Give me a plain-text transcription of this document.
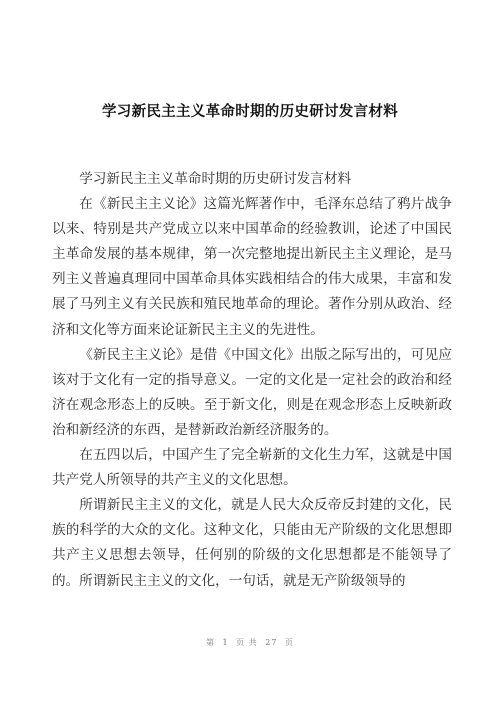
学习新民主主义革命时期的历史研讨发言材料

学习新民主主义革命时期的历史研讨发言材料

在《新民主主义论》这篇光辉著作中，毛泽东总结了鸦片战争以来、特别是共产党成立以来中国革命的经验教训，论述了中国民主革命发展的基本规律，第一次完整地提出新民主主义理论，是马列主义普遍真理同中国革命具体实践相结合的伟大成果，丰富和发展了马列主义有关民族和殖民地革命的理论。著作分别从政治、经济和文化等方面来论证新民主主义的先进性。

《新民主主义论》是借《中国文化》出版之际写出的，可见应该对于文化有一定的指导意义。一定的文化是一定社会的政治和经济在观念形态上的反映。至于新文化，则是在观念形态上反映新政治和新经济的东西，是替新政治新经济服务的。

在五四以后，中国产生了完全崭新的文化生力军，这就是中国共产党人所领导的共产主义的文化思想。

所谓新民主主义的文化，就是人民大众反帝反封建的文化，民族的科学的大众的文化。这种文化，只能由无产阶级的文化思想即共产主义思想去领导，任何别的阶级的文化思想都是不能领导了的。所谓新民主主义的文化，一句话，就是无产阶级领导的

第 1 页 共 27 页
